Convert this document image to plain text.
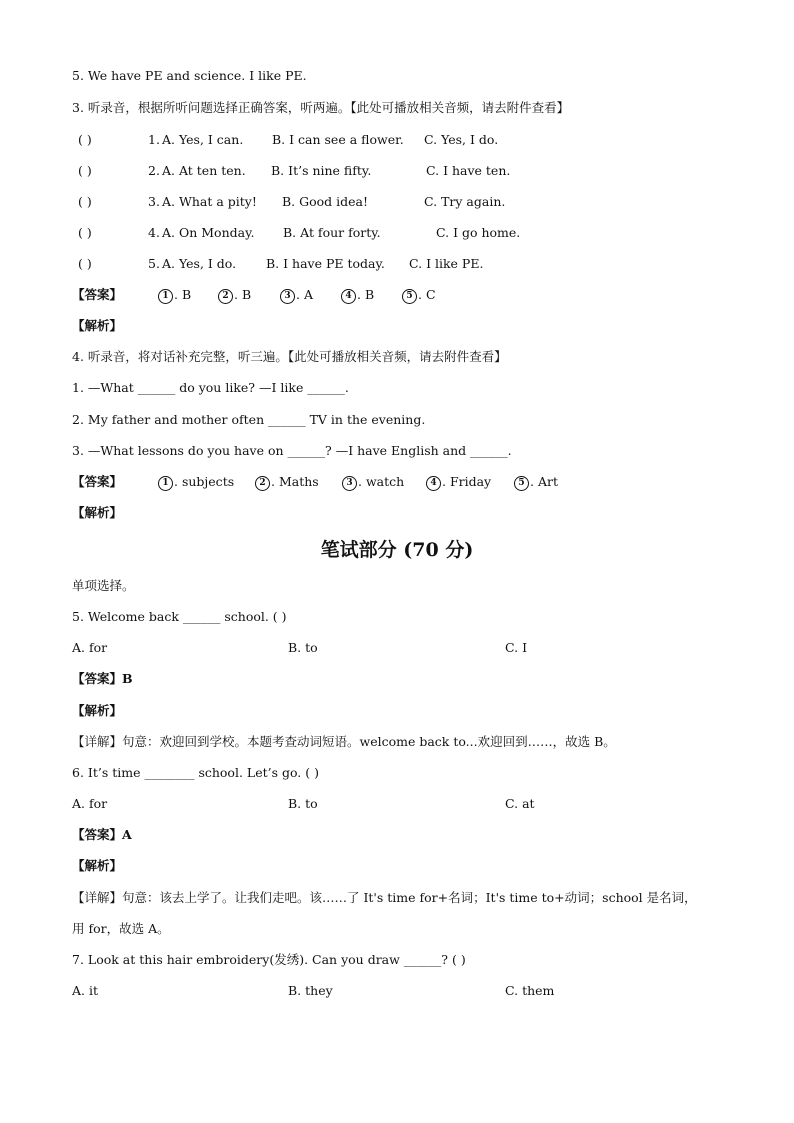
5. We have PE and science. I like PE.
3. 听录音，根据所听问题选择正确答案，听两遍。【此处可播放相关音频，请去附件查看】
( )	1. A. Yes, I can. B. I can see a flower. C. Yes, I do.
( )	2. A. At ten ten. B. It’s nine fifty.	C. I have ten.
( )	3. A. What a pity! B. Good idea!	C. Try again.
( )	4. A. On Monday. B. At four forty.	C. I go home.
( )	5. A. Yes, I do. B. I have PE today. C. I like PE.
【答案】	1 . B	2 . B	3 . A	4 . B	5 . C
【解析】
4. 听录音，将对话补充完整，听三遍。【此处可播放相关音频，请去附件查看】
1. —What ______ do you like? —I like ______.
2. My father and mother often ______ TV in the evening.
3. —What lessons do you have on ______? —I have English and ______.
【答案】	1 . subjects	2 . Maths	3 . watch	4 . Friday	5 . Art
【解析】
笔试部分 (70 分)
单项选择。
5. Welcome back ______ school. ( )
A. for	B. to	C. I
【答案】B
【解析】
【详解】句意：欢迎回到学校。本题考查动词短语。welcome back to...欢迎回到……，故选 B。
6. It’s time ________ school. Let’s go. ( )
A. for	B. to	C. at
【答案】A
【解析】
【详解】句意：该去上学了。让我们走吧。该……了 It's time for+名词；It's time to+动词；school 是名词，
用 for，故选 A。
7. Look at this hair embroidery(发绣). Can you draw ______? ( )
A. it	B. they	C. them
